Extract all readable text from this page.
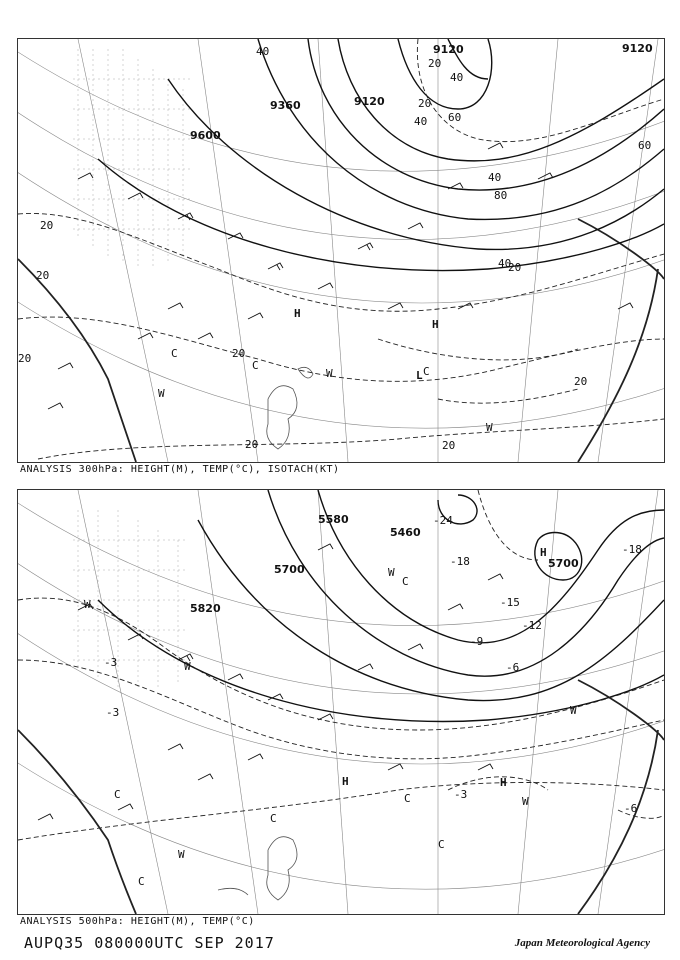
9120
9360	9120
9120
9600
40
20
40
20
40 60
40
60
80
40
20
20
20
20	20
20	20
20
H
H
C
C
W	L C
W
W
ANALYSIS 300hPa: HEIGHT(M), TEMP(°C), ISOTACH(KT)
5580
5460
5700	5700
5820
-24
-18
-15
-12
-9
-6
-3
-3
-3
-6
-18
H
W
W
W
C
H
C	C
C
W
C
C
W
W
H
ANALYSIS 500hPa: HEIGHT(M), TEMP(°C)
AUPQ35 080000UTC SEP 2017	Japan Meteorological Agency
